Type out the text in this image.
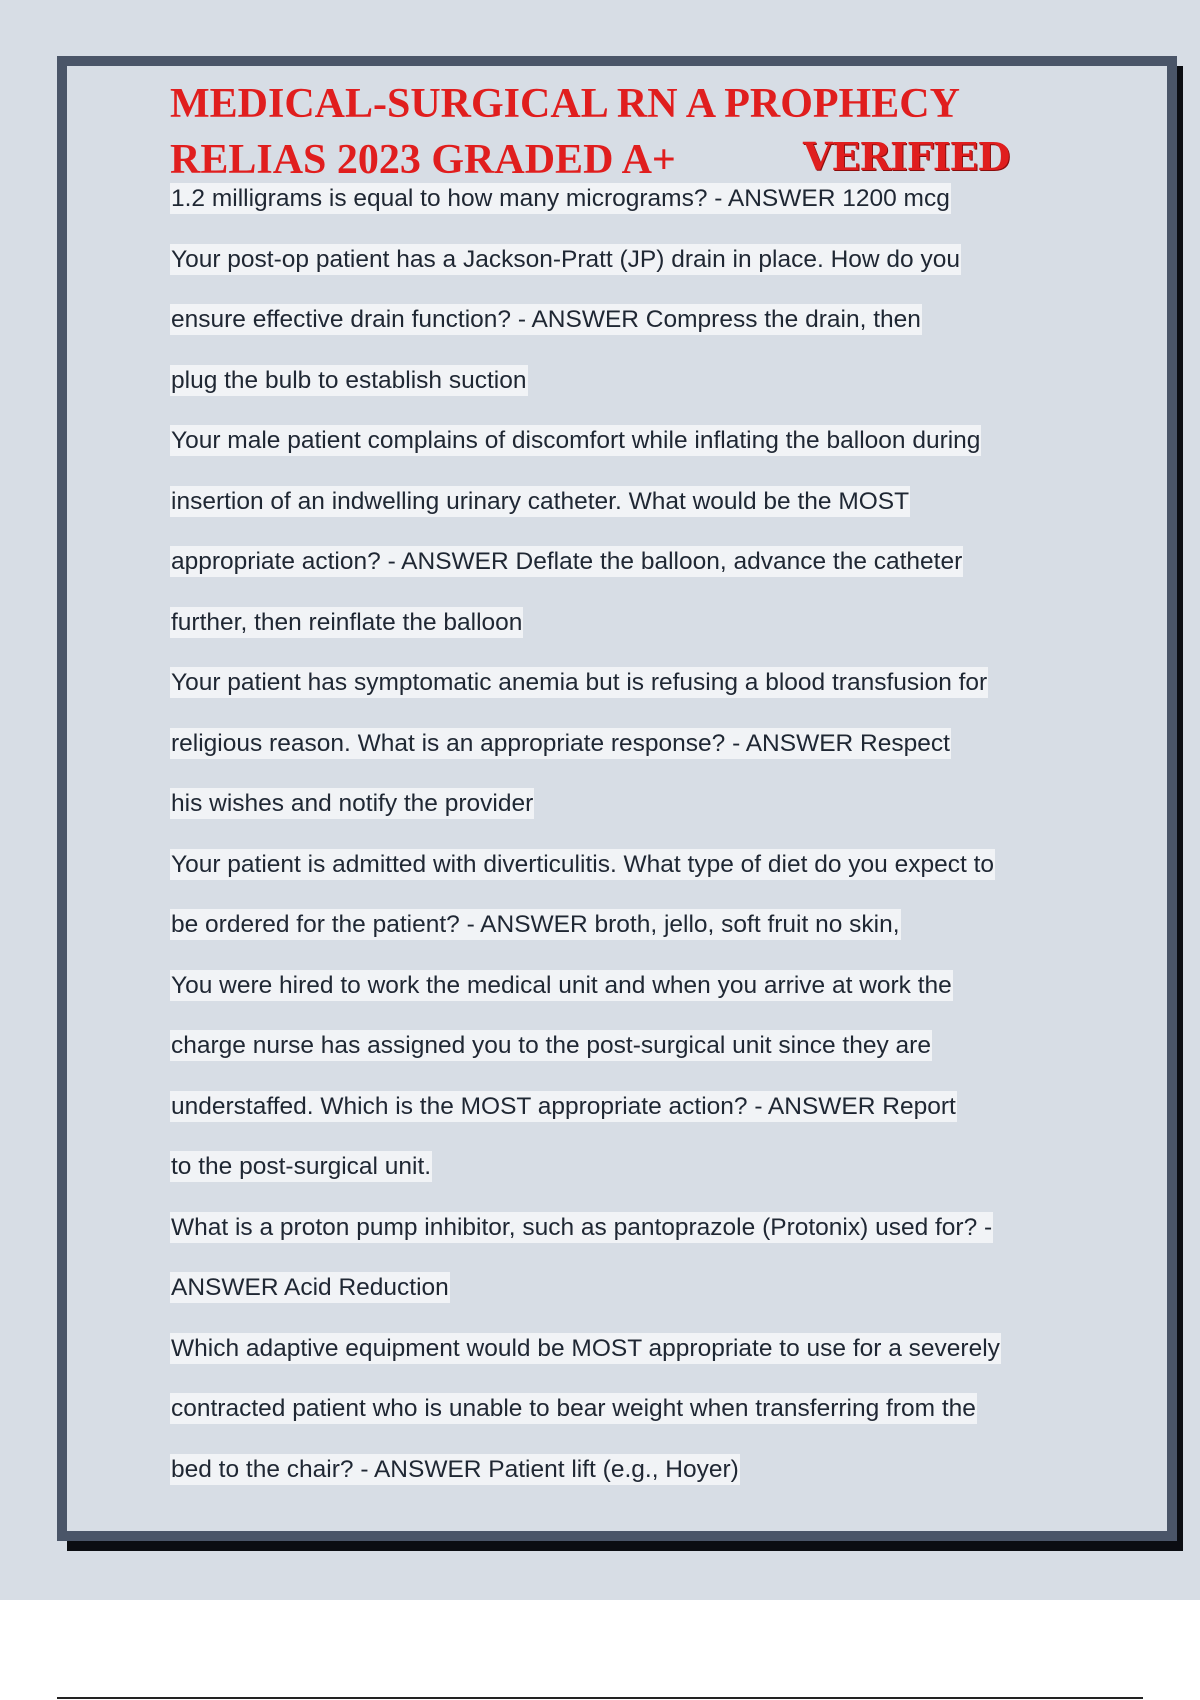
MEDICAL-SURGICAL RN A PROPHECY
RELIAS 2023 GRADED A+	VERIFIED
1.2 milligrams is equal to how many micrograms? - ANSWER 1200 mcg
Your post-op patient has a Jackson-Pratt (JP) drain in place. How do you
ensure effective drain function? - ANSWER Compress the drain, then
plug the bulb to establish suction
Your male patient complains of discomfort while inflating the balloon during
insertion of an indwelling urinary catheter. What would be the MOST
appropriate action? - ANSWER Deflate the balloon, advance the catheter
further, then reinflate the balloon
Your patient has symptomatic anemia but is refusing a blood transfusion for
religious reason. What is an appropriate response? - ANSWER Respect
his wishes and notify the provider
Your patient is admitted with diverticulitis. What type of diet do you expect to
be ordered for the patient? - ANSWER broth, jello, soft fruit no skin,
You were hired to work the medical unit and when you arrive at work the
charge nurse has assigned you to the post-surgical unit since they are
understaffed. Which is the MOST appropriate action? - ANSWER Report
to the post-surgical unit.
What is a proton pump inhibitor, such as pantoprazole (Protonix) used for? -
ANSWER Acid Reduction
Which adaptive equipment would be MOST appropriate to use for a severely
contracted patient who is unable to bear weight when transferring from the
bed to the chair? - ANSWER Patient lift (e.g., Hoyer)
